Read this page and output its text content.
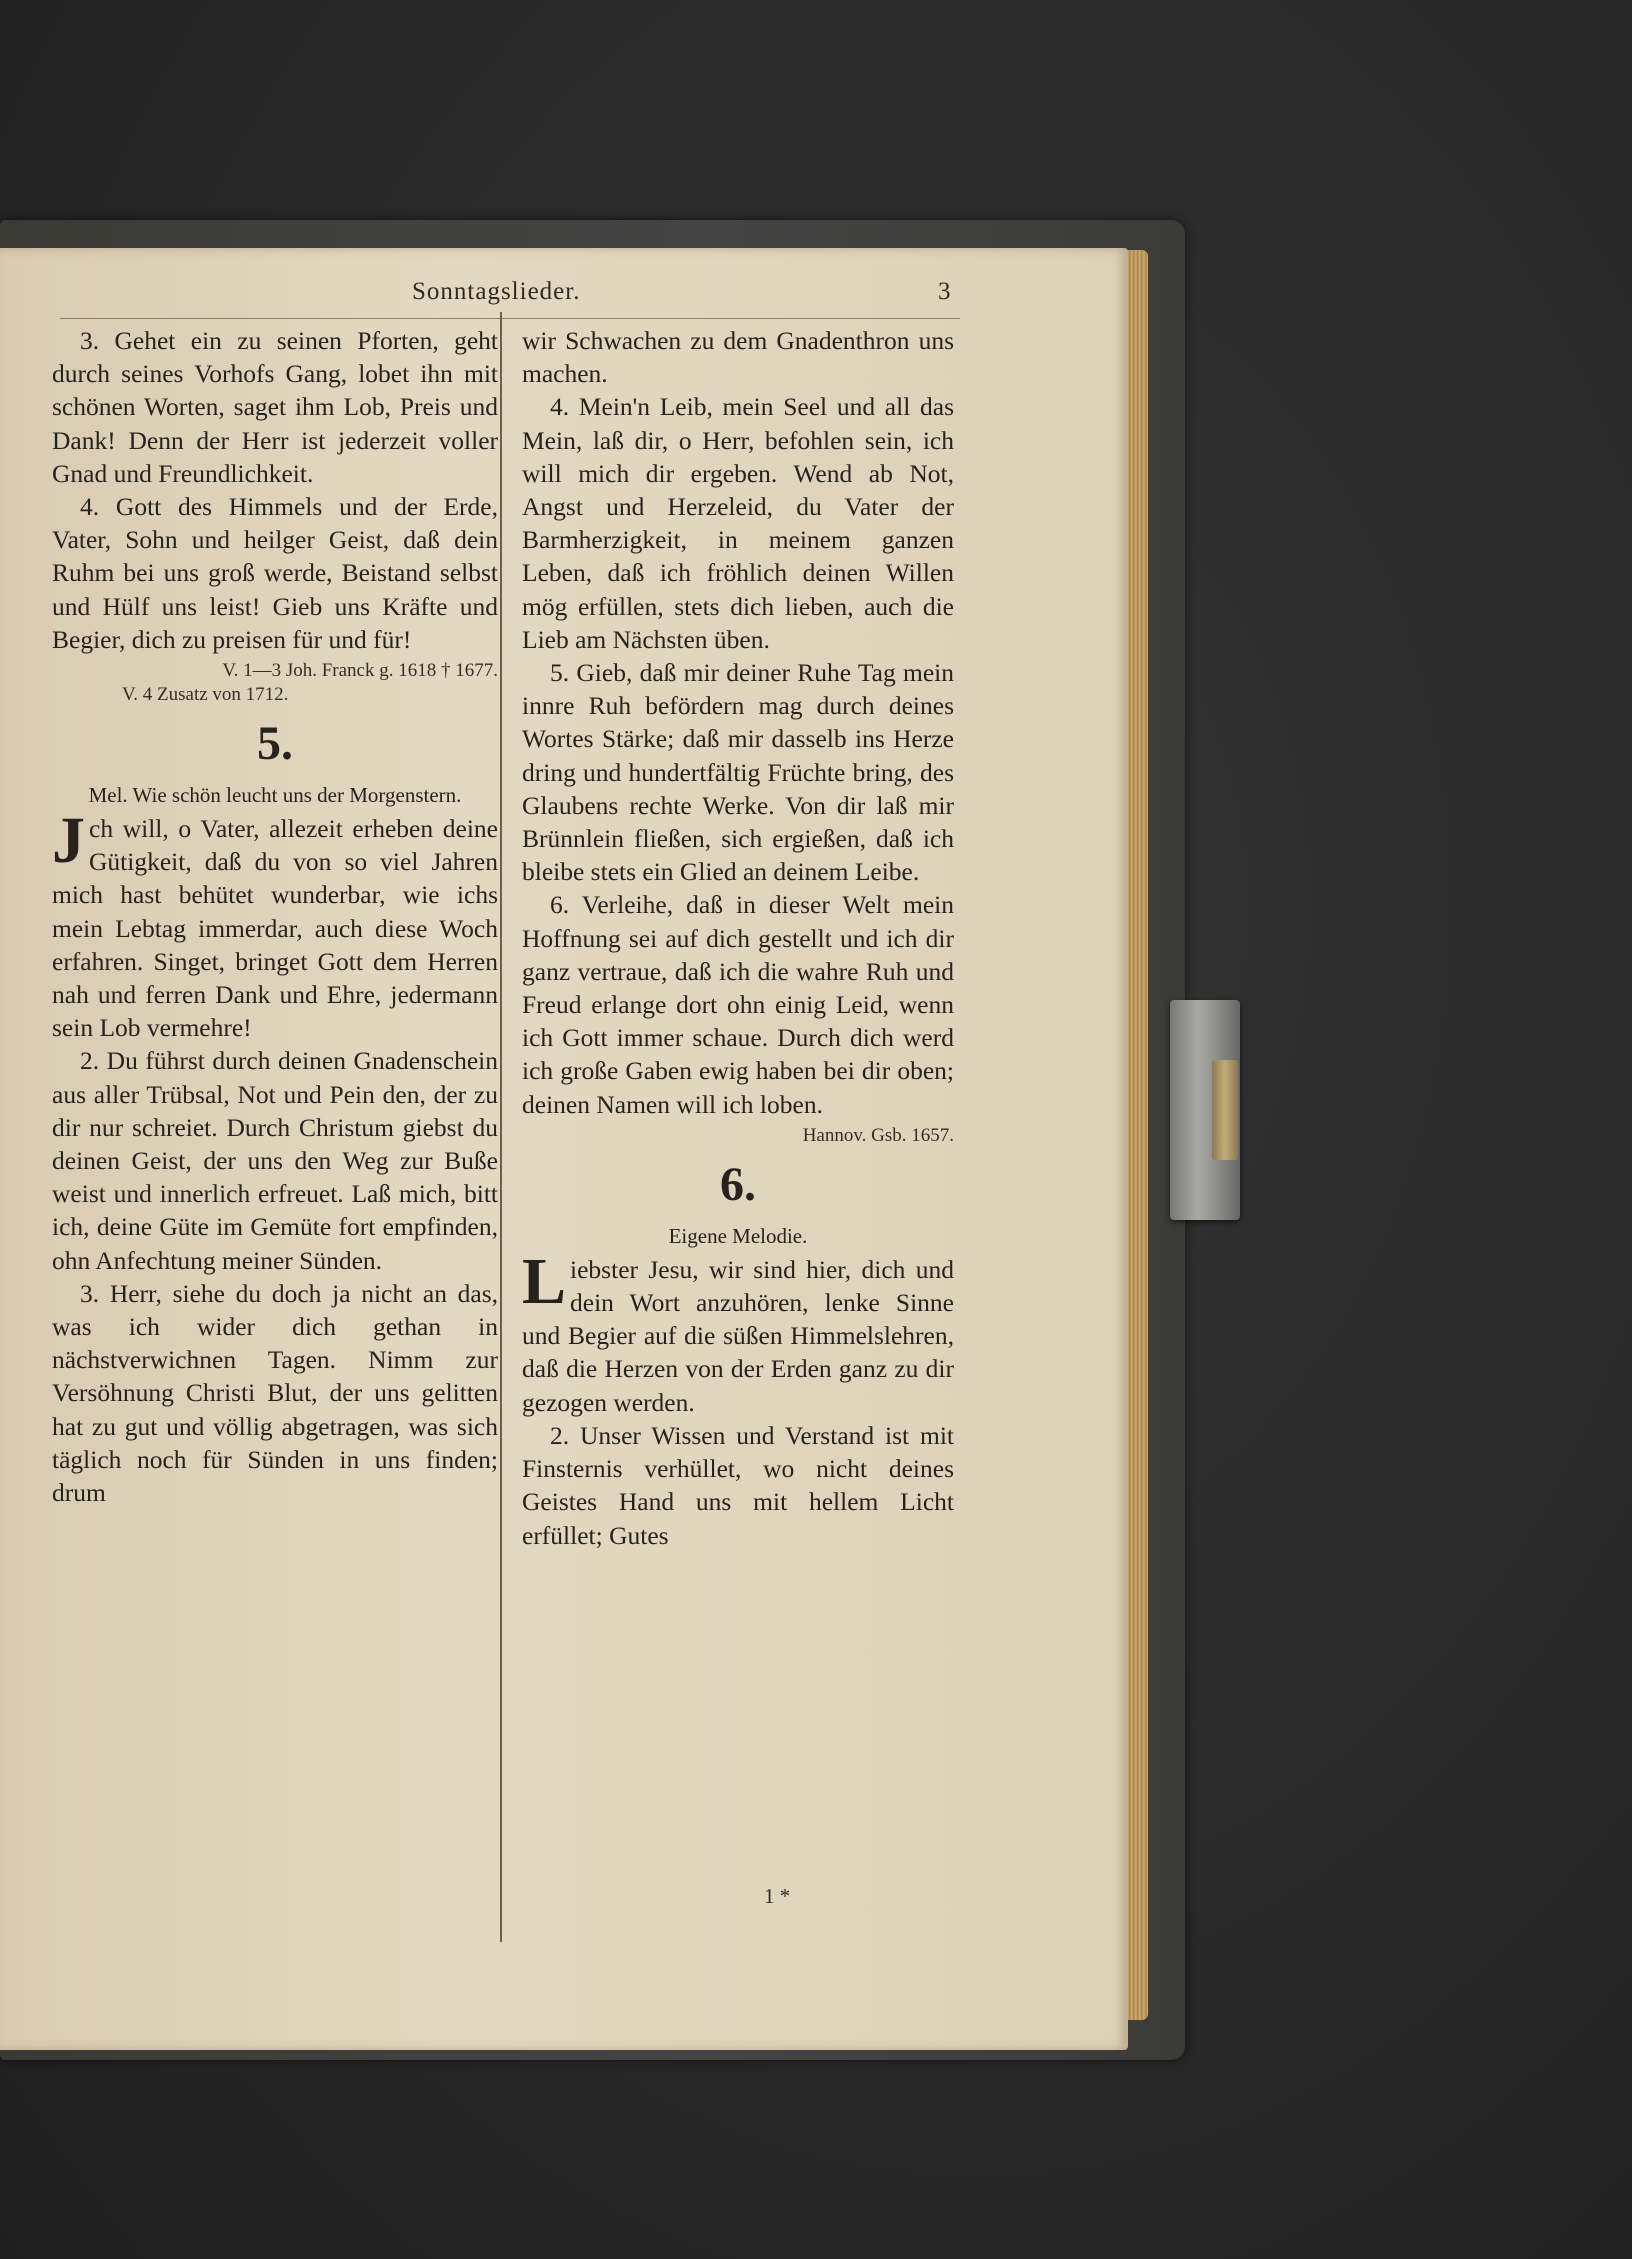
Sonntagslieder.	3

3. Gehet ein zu seinen Pforten, geht durch seines Vorhofs Gang, lobet ihn mit schönen Worten, saget ihm Lob, Preis und Dank! Denn der Herr ist jederzeit voller Gnad und Freundlichkeit.

4. Gott des Himmels und der Erde, Vater, Sohn und heilger Geist, daß dein Ruhm bei uns groß werde, Beistand selbst und Hülf uns leist! Gieb uns Kräfte und Begier, dich zu preisen für und für!

V. 1—3 Joh. Franck g. 1618 † 1677.
V. 4 Zusatz von 1712.
5.
Mel. Wie schön leucht uns der Morgenstern.

Jch will, o Vater, allezeit erheben deine Gütigkeit, daß du von so viel Jahren mich hast behütet wunderbar, wie ichs mein Lebtag immerdar, auch diese Woch erfahren. Singet, bringet Gott dem Herren nah und ferren Dank und Ehre, jedermann sein Lob vermehre!

2. Du führst durch deinen Gnadenschein aus aller Trübsal, Not und Pein den, der zu dir nur schreiet. Durch Christum giebst du deinen Geist, der uns den Weg zur Buße weist und innerlich erfreuet. Laß mich, bitt ich, deine Güte im Gemüte fort empfinden, ohn Anfechtung meiner Sünden.

3. Herr, siehe du doch ja nicht an das, was ich wider dich gethan in nächstverwichnen Tagen. Nimm zur Versöhnung Christi Blut, der uns gelitten hat zu gut und völlig abgetragen, was sich täglich noch für Sünden in uns finden; drum

wir Schwachen zu dem Gnadenthron uns machen.

4. Mein'n Leib, mein Seel und all das Mein, laß dir, o Herr, befohlen sein, ich will mich dir ergeben. Wend ab Not, Angst und Herzeleid, du Vater der Barmherzigkeit, in meinem ganzen Leben, daß ich fröhlich deinen Willen mög erfüllen, stets dich lieben, auch die Lieb am Nächsten üben.

5. Gieb, daß mir deiner Ruhe Tag mein innre Ruh befördern mag durch deines Wortes Stärke; daß mir dasselb ins Herze dring und hundertfältig Früchte bring, des Glaubens rechte Werke. Von dir laß mir Brünnlein fließen, sich ergießen, daß ich bleibe stets ein Glied an deinem Leibe.

6. Verleihe, daß in dieser Welt mein Hoffnung sei auf dich gestellt und ich dir ganz vertraue, daß ich die wahre Ruh und Freud erlange dort ohn einig Leid, wenn ich Gott immer schaue. Durch dich werd ich große Gaben ewig haben bei dir oben; deinen Namen will ich loben.

Hannov. Gsb. 1657.
6.
Eigene Melodie.

Liebster Jesu, wir sind hier, dich und dein Wort anzuhören, lenke Sinne und Begier auf die süßen Himmelslehren, daß die Herzen von der Erden ganz zu dir gezogen werden.

2. Unser Wissen und Verstand ist mit Finsternis verhüllet, wo nicht deines Geistes Hand uns mit hellem Licht erfüllet; Gutes

1 *
